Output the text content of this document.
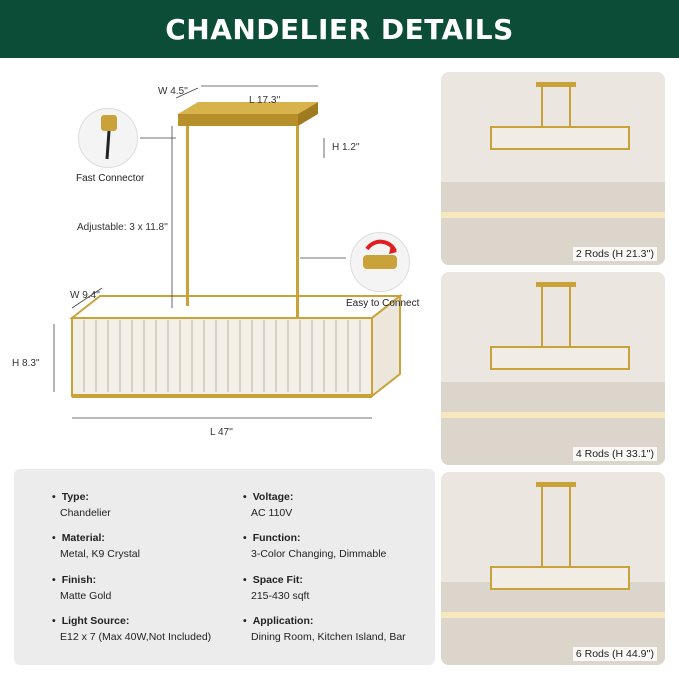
CHANDELIER DETAILS
W 4.5''
L 17.3''
H 1.2''
Adjustable: 3 x 11.8''
W 9.4''
H 8.3''
L 47''
Fast Connector
Easy to Connect
• Type:
Chandelier
• Material:
Metal, K9 Crystal
• Finish:
Matte Gold
• Light Source:
E12 x 7 (Max 40W,Not Included)
• Voltage:
AC 110V
• Function:
3-Color Changing, Dimmable
• Space Fit:
215-430 sqft
• Application:
Dining Room, Kitchen Island, Bar
2 Rods (H 21.3'')
4 Rods (H 33.1'')
6 Rods (H 44.9'')
